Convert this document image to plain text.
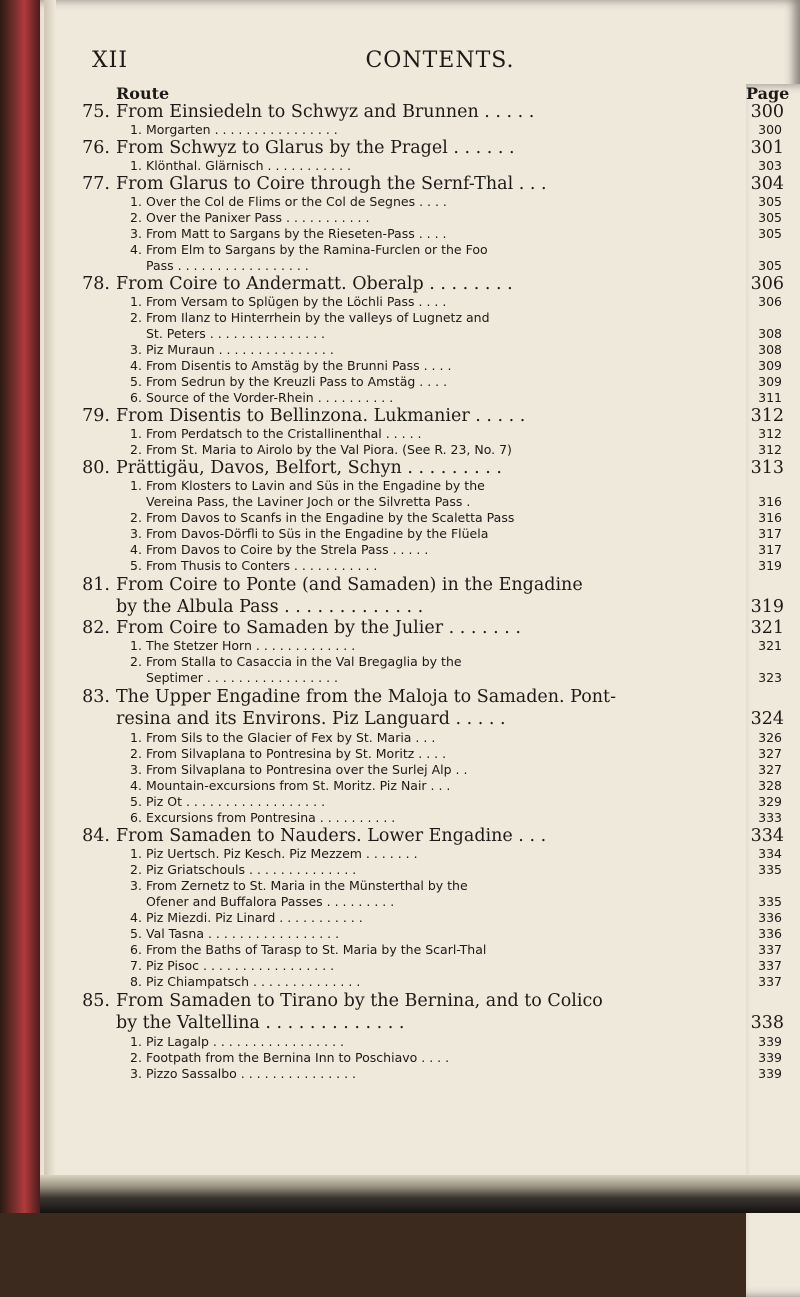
XII	CONTENTS.
Route	Page
75. From Einsiedeln to Schwyz and Brunnen . . . . .	300
1. Morgarten . . . . . . . . . . . . . . . .	300
76. From Schwyz to Glarus by the Pragel . . . . . .	301
1. Klönthal. Glärnisch . . . . . . . . . . .	303
77. From Glarus to Coire through the Sernf-Thal . . .	304
1. Over the Col de Flims or the Col de Segnes . . . .	305
2. Over the Panixer Pass . . . . . . . . . . .	305
3. From Matt to Sargans by the Rieseten-Pass . . . .	305
4. From Elm to Sargans by the Ramina-Furclen or the Foo
Pass . . . . . . . . . . . . . . . . .	305
78. From Coire to Andermatt. Oberalp . . . . . . . .	306
1. From Versam to Splügen by the Löchli Pass . . . .	306
2. From Ilanz to Hinterrhein by the valleys of Lugnetz and
St. Peters . . . . . . . . . . . . . . .	308
3. Piz Muraun . . . . . . . . . . . . . . .	308
4. From Disentis to Amstäg by the Brunni Pass . . . .	309
5. From Sedrun by the Kreuzli Pass to Amstäg . . . .	309
6. Source of the Vorder-Rhein . . . . . . . . . .	311
79. From Disentis to Bellinzona. Lukmanier . . . . .	312
1. From Perdatsch to the Cristallinenthal . . . . .	312
2. From St. Maria to Airolo by the Val Piora. (See R. 23, No. 7)	312
80. Prättigäu, Davos, Belfort, Schyn . . . . . . . . .	313
1. From Klosters to Lavin and Süs in the Engadine by the
Vereina Pass, the Laviner Joch or the Silvretta Pass .	316
2. From Davos to Scanfs in the Engadine by the Scaletta Pass	316
3. From Davos-Dörfli to Süs in the Engadine by the Flüela	317
4. From Davos to Coire by the Strela Pass . . . . .	317
5. From Thusis to Conters . . . . . . . . . . .	319
81. From Coire to Ponte (and Samaden) in the Engadine
by the Albula Pass . . . . . . . . . . . . .	319
82. From Coire to Samaden by the Julier . . . . . . .	321
1. The Stetzer Horn . . . . . . . . . . . . .	321
2. From Stalla to Casaccia in the Val Bregaglia by the
Septimer . . . . . . . . . . . . . . . . .	323
83. The Upper Engadine from the Maloja to Samaden. Pont-
resina and its Environs. Piz Languard . . . . .	324
1. From Sils to the Glacier of Fex by St. Maria . . .	326
2. From Silvaplana to Pontresina by St. Moritz . . . .	327
3. From Silvaplana to Pontresina over the Surlej Alp . .	327
4. Mountain-excursions from St. Moritz. Piz Nair . . .	328
5. Piz Ot . . . . . . . . . . . . . . . . . .	329
6. Excursions from Pontresina . . . . . . . . . .	333
84. From Samaden to Nauders. Lower Engadine . . .	334
1. Piz Uertsch. Piz Kesch. Piz Mezzem . . . . . . .	334
2. Piz Griatschouls . . . . . . . . . . . . . .	335
3. From Zernetz to St. Maria in the Münsterthal by the
Ofener and Buffalora Passes . . . . . . . . .	335
4. Piz Miezdi. Piz Linard . . . . . . . . . . .	336
5. Val Tasna . . . . . . . . . . . . . . . . .	336
6. From the Baths of Tarasp to St. Maria by the Scarl-Thal	337
7. Piz Pisoc . . . . . . . . . . . . . . . . .	337
8. Piz Chiampatsch . . . . . . . . . . . . . .	337
85. From Samaden to Tirano by the Bernina, and to Colico
by the Valtellina . . . . . . . . . . . . .	338
1. Piz Lagalp . . . . . . . . . . . . . . . . .	339
2. Footpath from the Bernina Inn to Poschiavo . . . .	339
3. Pizzo Sassalbo . . . . . . . . . . . . . . .	339
